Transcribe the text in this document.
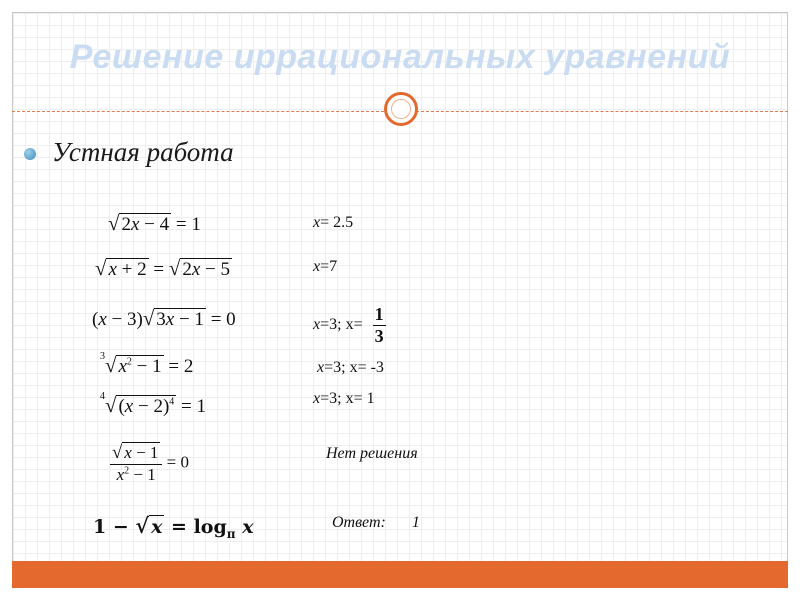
Решение иррациональных уравнений
Устная работа
√ 2x − 4 = 1	x= 2.5
√ x + 2 = √ 2x − 5	x=7
(x − 3)√ 3x − 1 = 0	x=3; $x= \frac{1}{3}$
$^3$√ $x^2 - 1 = 2$	x=3; x= -3
$^4$√ $(x - 2)^4 = 1$	x=3; x= 1
$\frac{√ x - 1}{x^2 - 1} = 0$	Нет решения
1 − √ $x = \log_\pi x$	Ответ: 1
